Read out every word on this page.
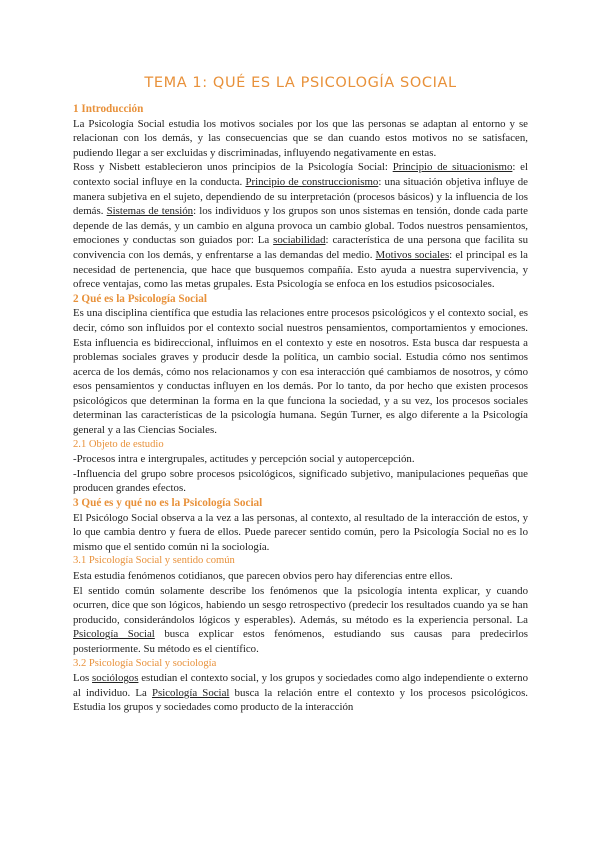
TEMA 1: QUÉ ES LA PSICOLOGÍA SOCIAL
1 Introducción

La Psicología Social estudia los motivos sociales por los que las personas se adaptan al entorno y se relacionan con los demás, y las consecuencias que se dan cuando estos motivos no se satisfacen, pudiendo llegar a ser excluidas y discriminadas, influyendo negativamente en estas.

Ross y Nisbett establecieron unos principios de la Psicología Social: Principio de situacionismo: el contexto social influye en la conducta. Principio de construccionismo: una situación objetiva influye de manera subjetiva en el sujeto, dependiendo de su interpretación (procesos básicos) y la influencia de los demás. Sistemas de tensión: los individuos y los grupos son unos sistemas en tensión, donde cada parte depende de las demás, y un cambio en alguna provoca un cambio global. Todos nuestros pensamientos, emociones y conductas son guiados por: La sociabilidad: característica de una persona que facilita su convivencia con los demás, y enfrentarse a las demandas del medio. Motivos sociales: el principal es la necesidad de pertenencia, que hace que busquemos compañía. Esto ayuda a nuestra supervivencia, y ofrece ventajas, como las metas grupales. Esta Psicología se enfoca en los estudios psicosociales.

2 Qué es la Psicología Social

Es una disciplina científica que estudia las relaciones entre procesos psicológicos y el contexto social, es decir, cómo son influidos por el contexto social nuestros pensamientos, comportamientos y emociones. Esta influencia es bidireccional, influimos en el contexto y este en nosotros. Esta busca dar respuesta a problemas sociales graves y producir desde la política, un cambio social. Estudia cómo nos sentimos acerca de los demás, cómo nos relacionamos y con esa interacción qué cambiamos de nosotros, y cómo esos pensamientos y conductas influyen en los demás. Por lo tanto, da por hecho que existen procesos psicológicos que determinan la forma en la que funciona la sociedad, y a su vez, los procesos sociales determinan las características de la psicología humana. Según Turner, es algo diferente a la Psicología general y a las Ciencias Sociales.

2.1 Objeto de estudio

-Procesos intra e intergrupales, actitudes y percepción social y autopercepción.

-Influencia del grupo sobre procesos psicológicos, significado subjetivo, manipulaciones pequeñas que producen grandes efectos.

3 Qué es y qué no es la Psicología Social

El Psicólogo Social observa a la vez a las personas, al contexto, al resultado de la interacción de estos, y lo que cambia dentro y fuera de ellos. Puede parecer sentido común, pero la Psicología Social no es lo mismo que el sentido común ni la sociología.

3.1 Psicología Social y sentido común

Esta estudia fenómenos cotidianos, que parecen obvios pero hay diferencias entre ellos.

El sentido común solamente describe los fenómenos que la psicología intenta explicar, y cuando ocurren, dice que son lógicos, habiendo un sesgo retrospectivo (predecir los resultados cuando ya se han producido, considerándolos lógicos y esperables). Además, su método es la experiencia personal. La Psicología Social busca explicar estos fenómenos, estudiando sus causas para predecirlos posteriormente. Su método es el científico.

3.2 Psicología Social y sociología

Los sociólogos estudian el contexto social, y los grupos y sociedades como algo independiente o externo al individuo. La Psicología Social busca la relación entre el contexto y los procesos psicológicos. Estudia los grupos y sociedades como producto de la interacción
